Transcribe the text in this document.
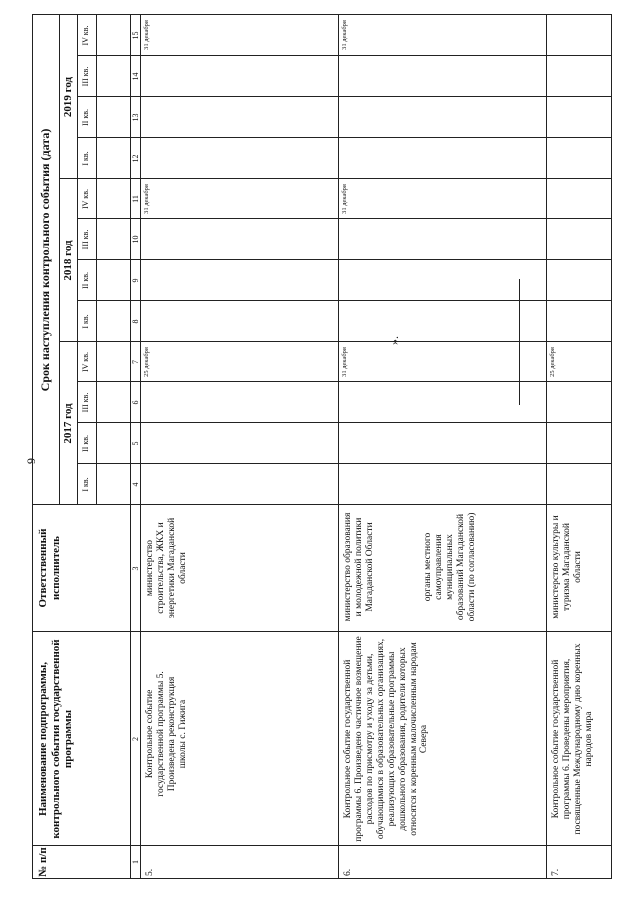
9
№ п/п
Наименование подпрограммы, контрольного события государственной программы
Ответственный исполнитель
Срок наступления контрольного события (дата)
2017 год
2018 год
2019 год
I кв.
II кв.
III кв.
IV кв.
I кв.
II кв.
III кв.
IV кв.
I кв.
II кв.
III кв.
IV кв.
1
2
3
4
5
6
7
8
9
10
11
12
13
14
15
5.
Контрольное событие государственной программы 5. Произведена реконструкция школы с. Гижига
министерство строительства, ЖКХ и энергетики Магаданской области
25 декабря
31 декабря
31 декабря
6.
Контрольное событие государственной программы 6. Произведено частичное возмещение расходов по присмотру и уходу за детьми, обучающимися в образовательных организациях, реализующих образовательные программы дошкольного образования, родители которых относятся к коренным малочисленным народам Севера
министерство образования и молодежной политики Магаданской Области	органы местного самоуправления муниципальных образований Магаданской области (по согласованию)
31 декабря
31 декабря
31 декабря
7.
Контрольное событие государственной программы 6. Проведены мероприятия, посвященные Международному дню коренных народов мира
министерство культуры и туризма Магаданской области
25 декабря
».
